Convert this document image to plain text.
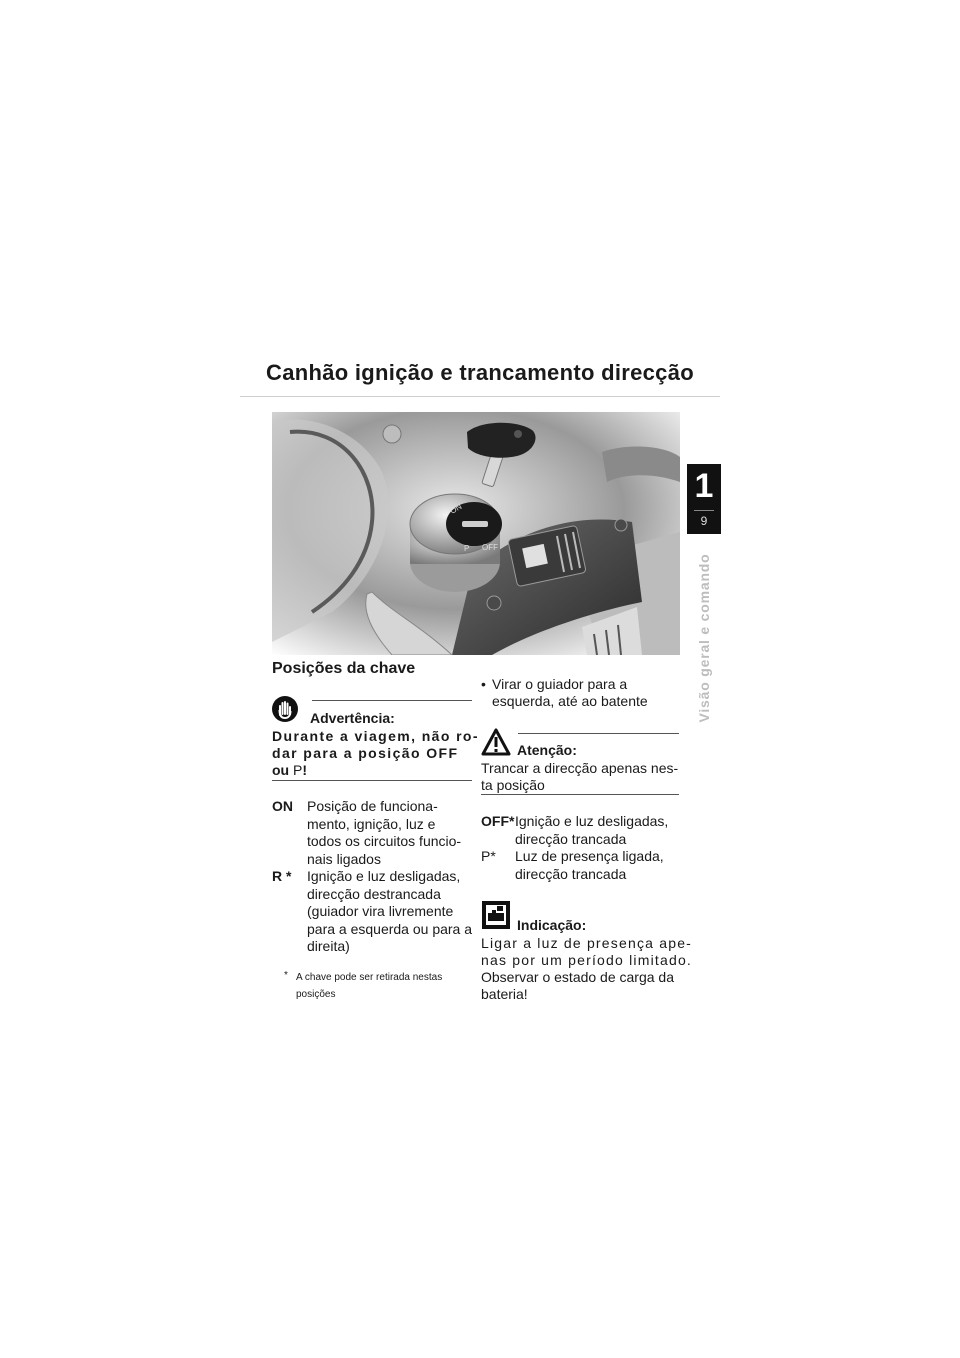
Canhão ignição e trancamento direcção
ON
OFF
P
1
9
Visão geral e comando
Posições da chave
Advertência:
Durante a viagem, não ro-
dar para a posição OFF
ou P!
ON Posição de funciona-
mento, ignição, luz e
todos os circuitos funcio-
nais ligados
R * Ignição e luz desligadas,
direcção destrancada
(guiador vira livremente
para a esquerda ou para a
direita)
* A chave pode ser retirada nestas
posições
• Virar o guiador para a
esquerda, até ao batente
Atenção:
Trancar a direcção apenas nes-
ta posição
OFF* Ignição e luz desligadas,
direcção trancada
P* Luz de presença ligada,
direcção trancada
Indicação:
Ligar a luz de presença ape-
nas por um período limitado.
Observar o estado de carga da
bateria!
